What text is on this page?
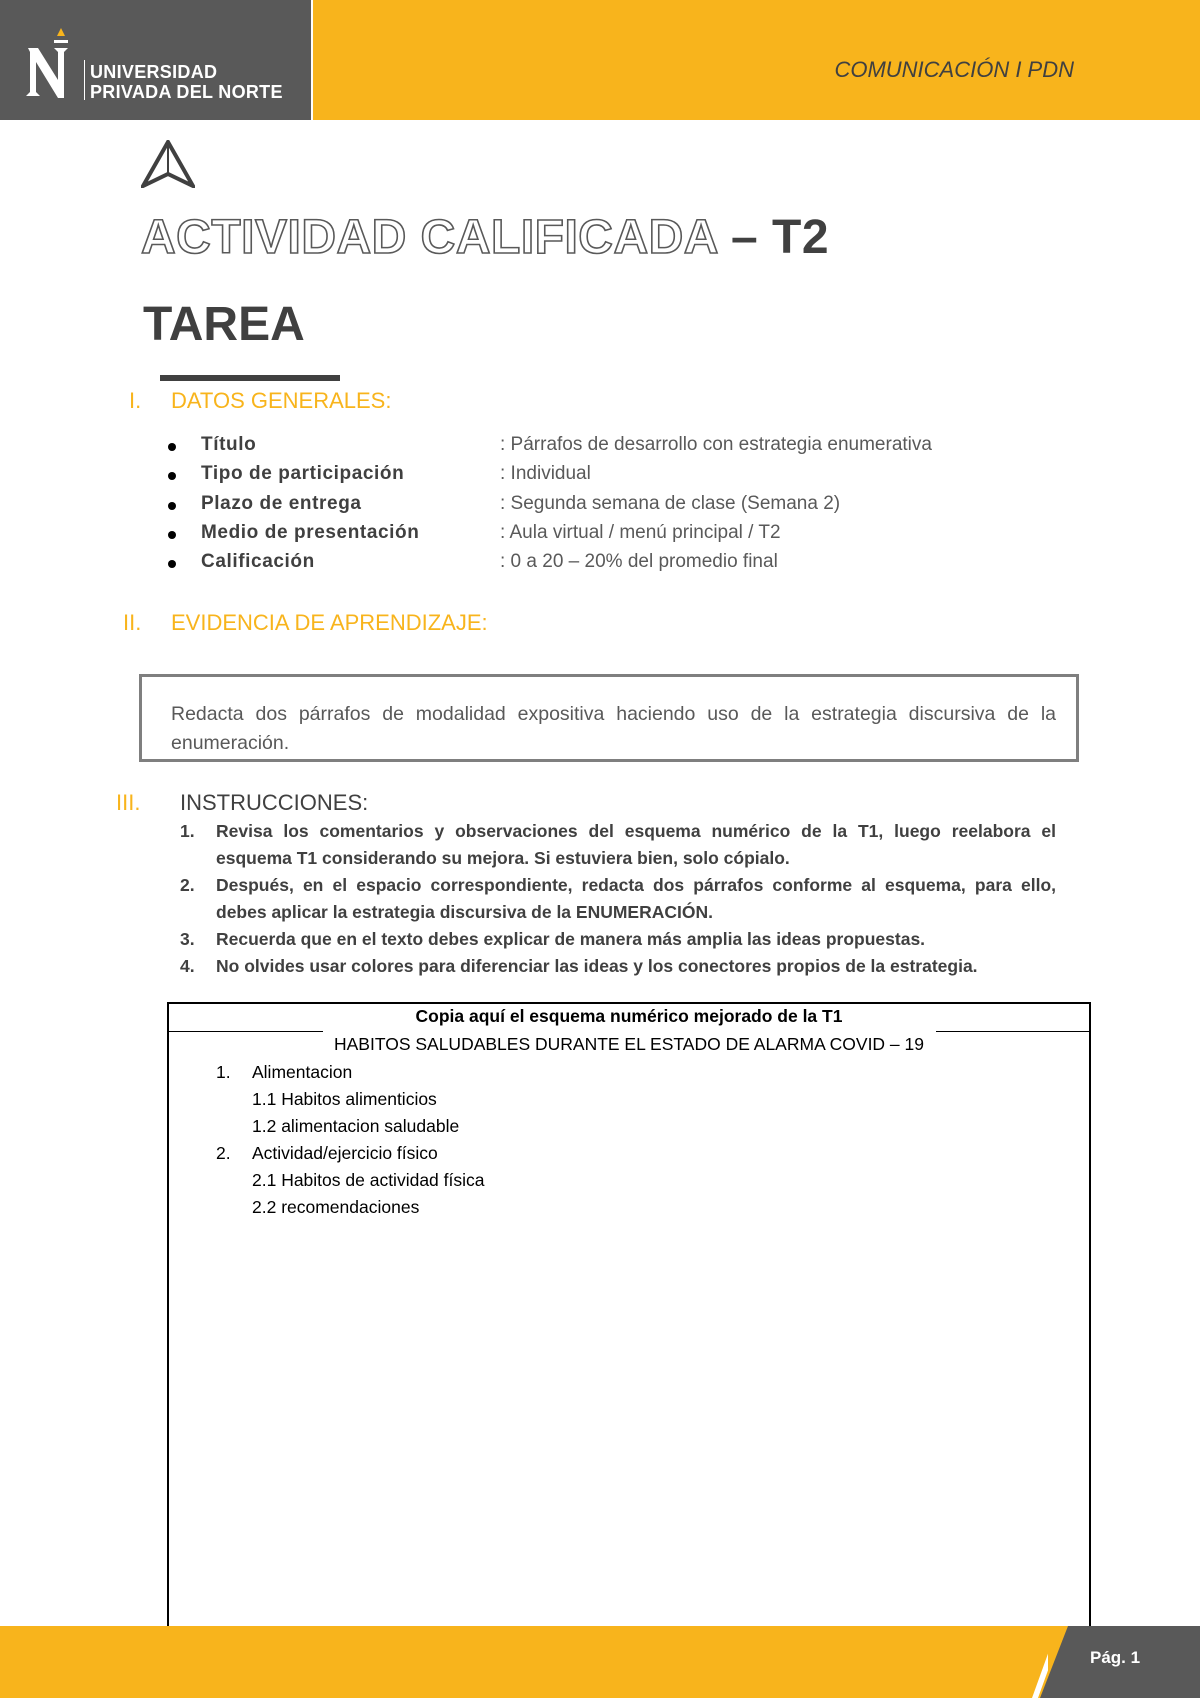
UNIVERSIDAD
PRIVADA DEL NORTE
COMUNICACIÓN I PDN
ACTIVIDAD CALIFICADA – T2
TAREA
I. DATOS GENERALES:
Título	: Párrafos de desarrollo con estrategia enumerativa
Tipo de participación	: Individual
Plazo de entrega	: Segunda semana de clase (Semana 2)
Medio de presentación	: Aula virtual / menú principal / T2
Calificación	: 0 a 20 – 20% del promedio final
II. EVIDENCIA DE APRENDIZAJE:
Redacta dos párrafos de modalidad expositiva haciendo uso de la estrategia discursiva de la enumeración.
III. INSTRUCCIONES:
1. Revisa los comentarios y observaciones del esquema numérico de la T1, luego reelabora el esquema T1 considerando su mejora. Si estuviera bien, solo cópialo.
2. Después, en el espacio correspondiente, redacta dos párrafos conforme al esquema, para ello, debes aplicar la estrategia discursiva de la ENUMERACIÓN.
3. Recuerda que en el texto debes explicar de manera más amplia las ideas propuestas.
4. No olvides usar colores para diferenciar las ideas y los conectores propios de la estrategia.
Copia aquí el esquema numérico mejorado de la T1
HABITOS SALUDABLES DURANTE EL ESTADO DE ALARMA COVID – 19
1. Alimentacion
1.1 Habitos alimenticios
1.2 alimentacion saludable
2. Actividad/ejercicio físico
2.1 Habitos de actividad física
2.2 recomendaciones
Pág. 1
